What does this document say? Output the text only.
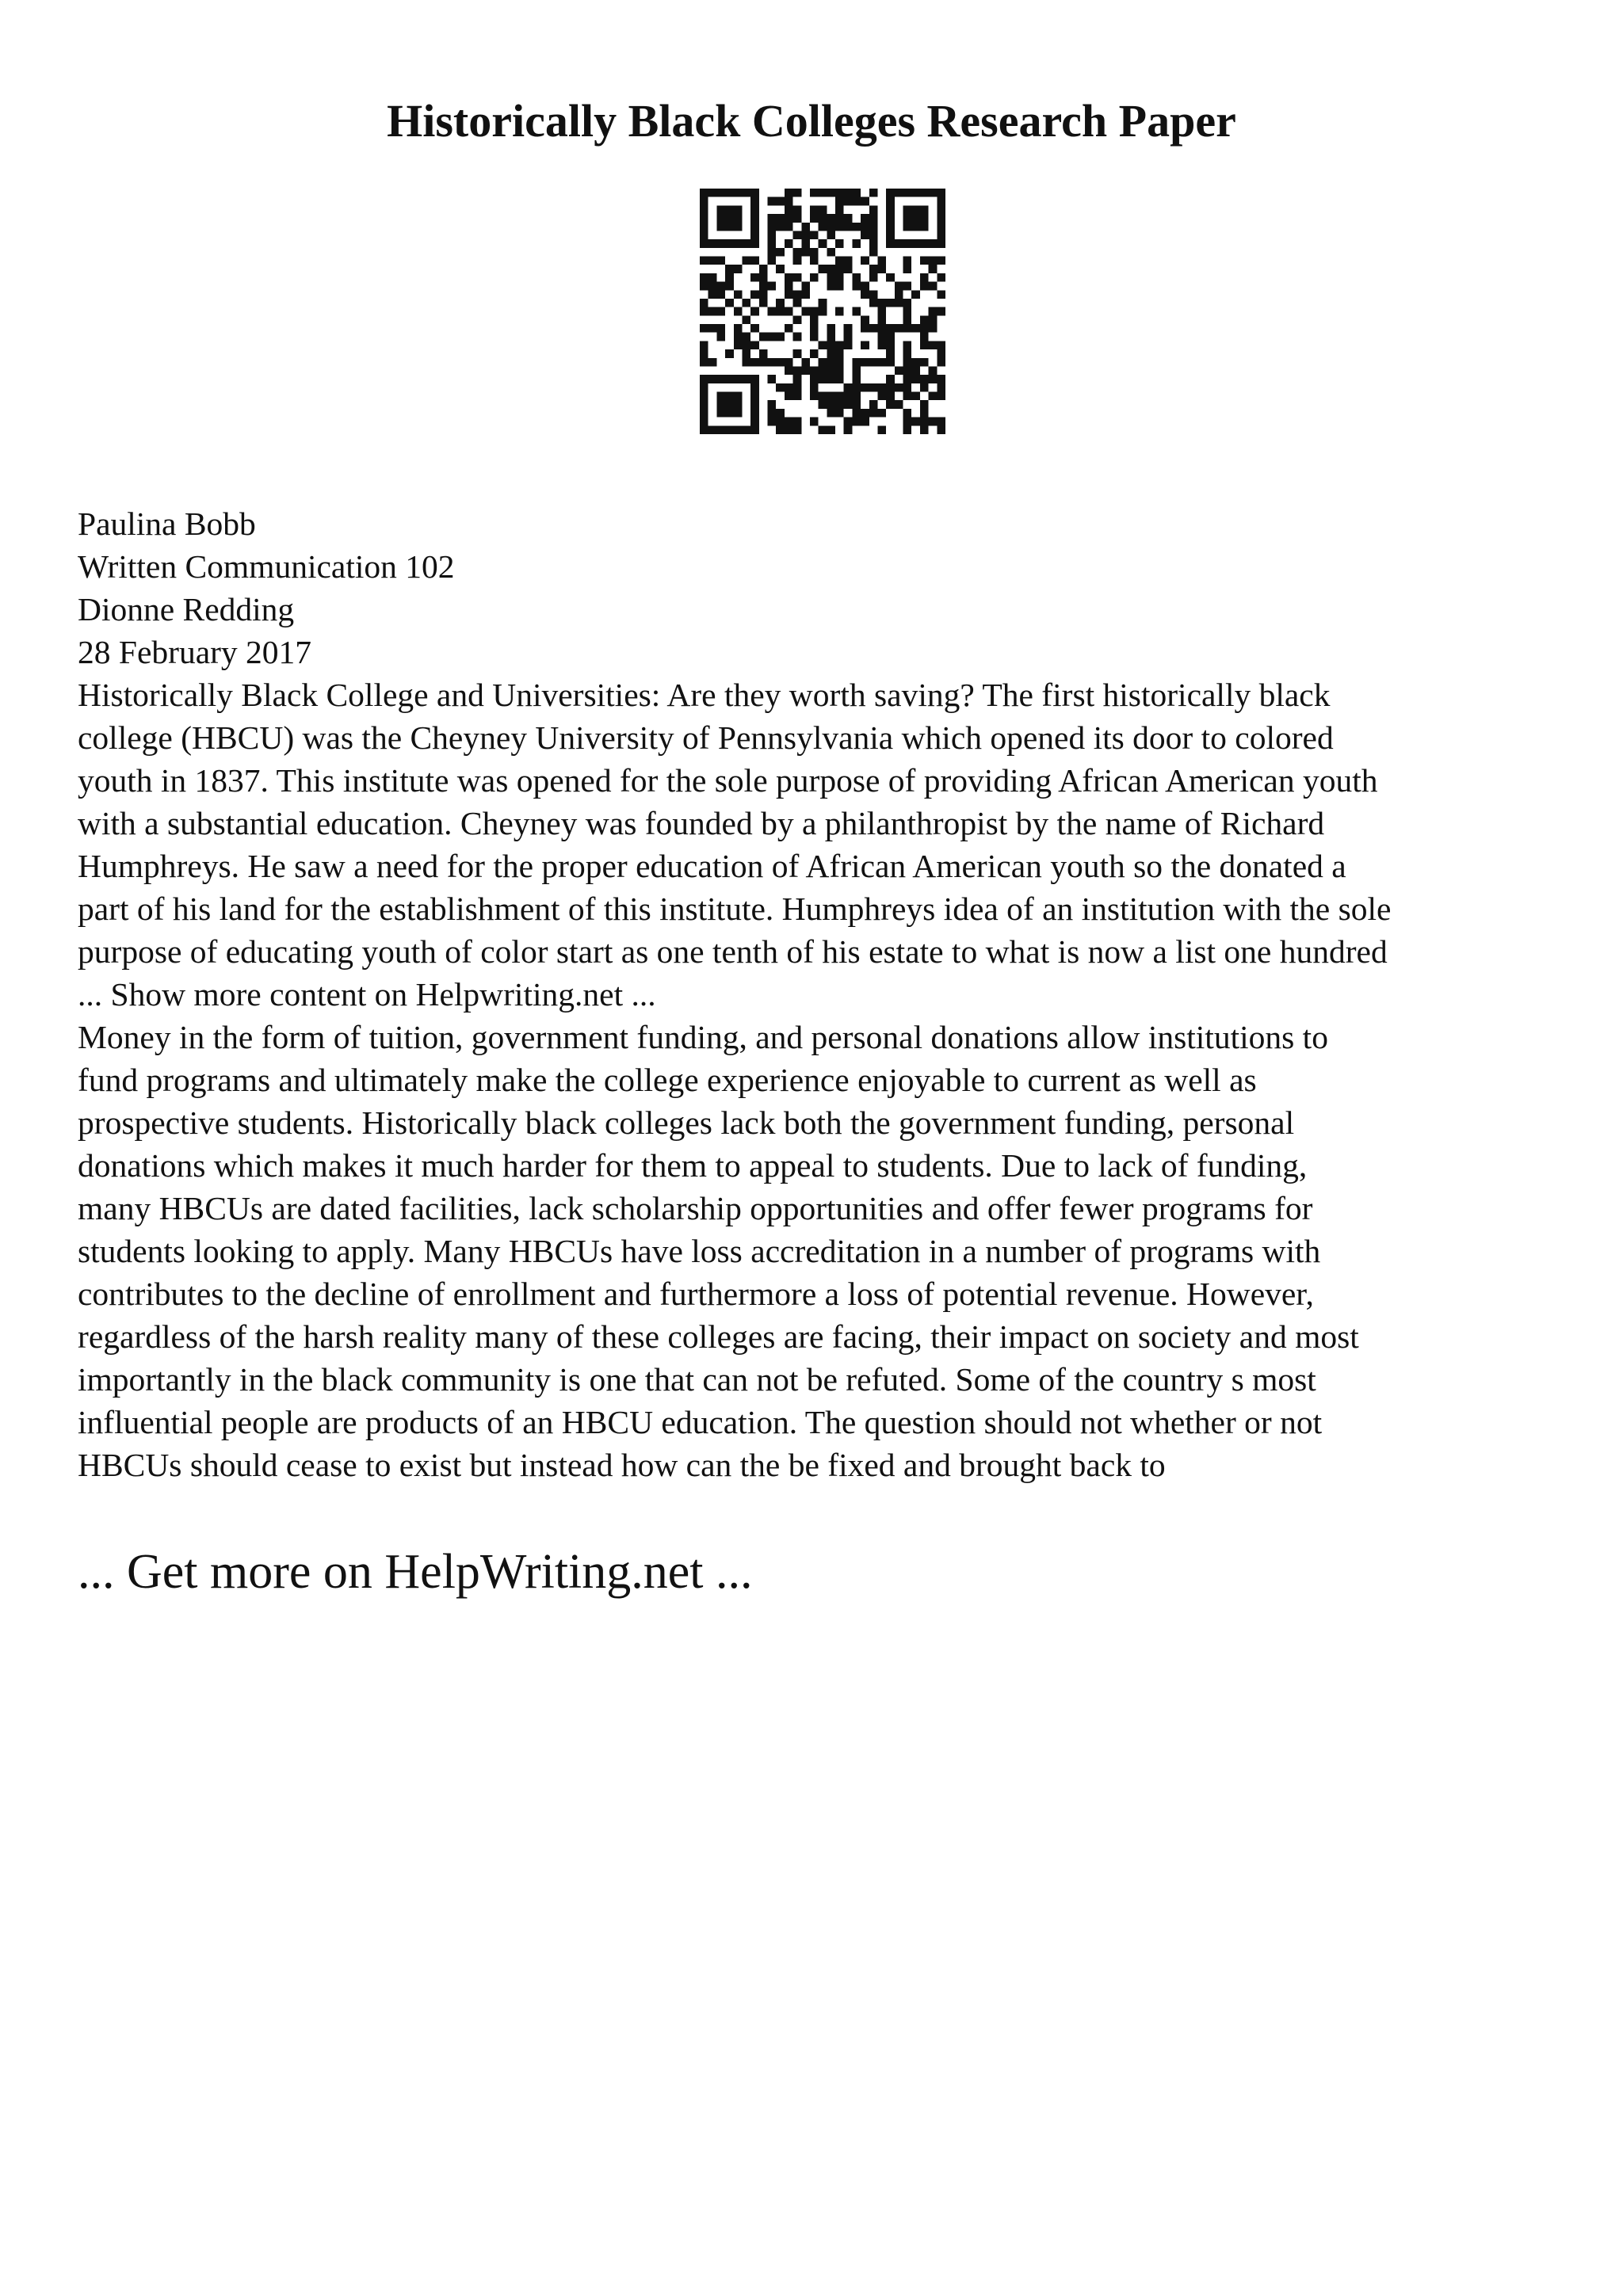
Historically Black Colleges Research Paper
Paulina Bobb
Written Communication 102
Dionne Redding
28 February 2017
Historically Black College and Universities: Are they worth saving? The first historically black
college (HBCU) was the Cheyney University of Pennsylvania which opened its door to colored
youth in 1837. This institute was opened for the sole purpose of providing African American youth
with a substantial education. Cheyney was founded by a philanthropist by the name of Richard
Humphreys. He saw a need for the proper education of African American youth so the donated a
part of his land for the establishment of this institute. Humphreys idea of an institution with the sole
purpose of educating youth of color start as one tenth of his estate to what is now a list one hundred
... Show more content on Helpwriting.net ...
Money in the form of tuition, government funding, and personal donations allow institutions to
fund programs and ultimately make the college experience enjoyable to current as well as
prospective students. Historically black colleges lack both the government funding, personal
donations which makes it much harder for them to appeal to students. Due to lack of funding,
many HBCUs are dated facilities, lack scholarship opportunities and offer fewer programs for
students looking to apply. Many HBCUs have loss accreditation in a number of programs with
contributes to the decline of enrollment and furthermore a loss of potential revenue. However,
regardless of the harsh reality many of these colleges are facing, their impact on society and most
importantly in the black community is one that can not be refuted. Some of the country s most
influential people are products of an HBCU education. The question should not whether or not
HBCUs should cease to exist but instead how can the be fixed and brought back to
... Get more on HelpWriting.net ...
